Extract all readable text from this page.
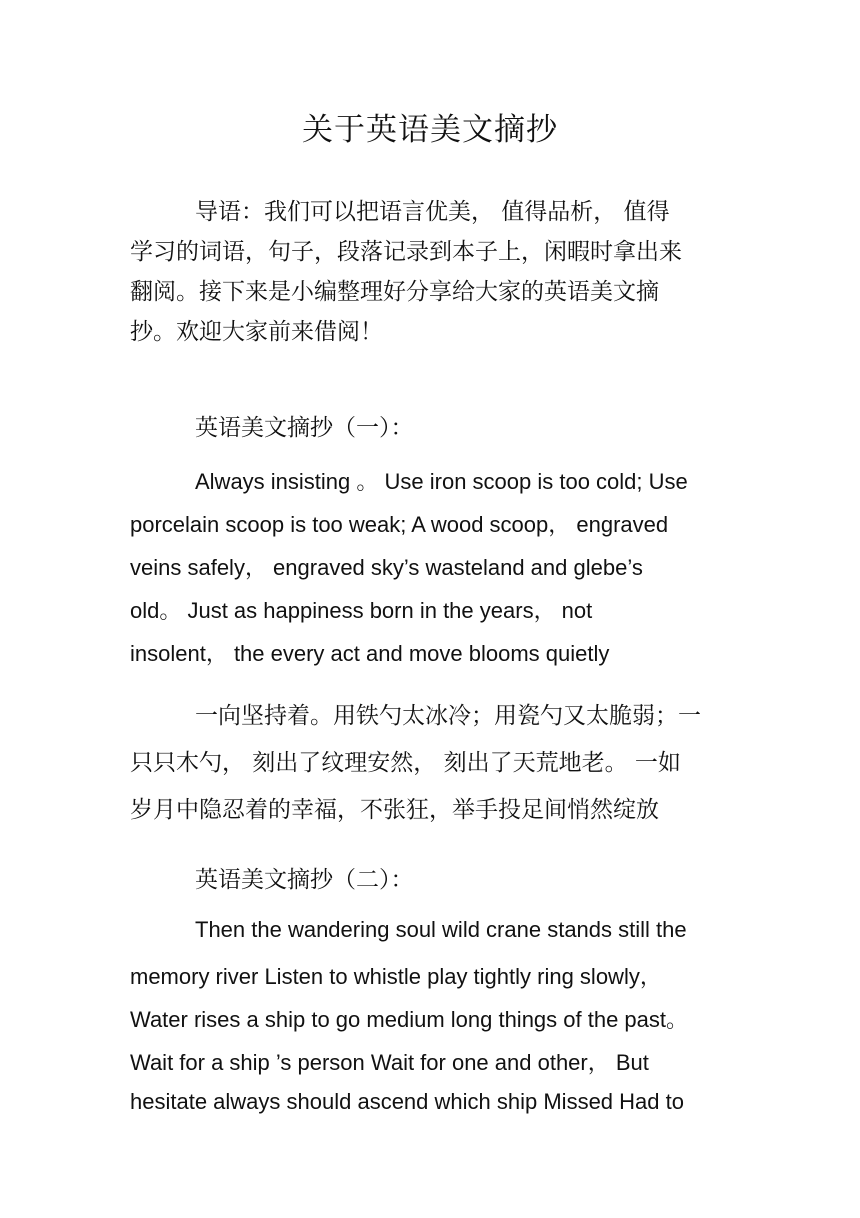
关于英语美文摘抄
导语：我们可以把语言优美， 值得品析， 值得
学习的词语，句子，段落记录到本子上，闲暇时拿出来
翻阅。接下来是小编整理好分享给大家的英语美文摘
抄。欢迎大家前来借阅！
英语美文摘抄（一）：
Always insisting 。 Use iron scoop is too cold; Use
porcelain scoop is too weak; A wood scoop， engraved
veins safely， engraved sky’s wasteland and glebe’s
old。 Just as happiness born in the years， not
insolent， the every act and move blooms quietly
一向坚持着。用铁勺太冰冷；用瓷勺又太脆弱；一
只只木勺， 刻出了纹理安然， 刻出了天荒地老。 一如
岁月中隐忍着的幸福，不张狂，举手投足间悄然绽放
英语美文摘抄（二）：
Then the wandering soul wild crane stands still the
memory river Listen to whistle play tightly ring slowly，
Water rises a ship to go medium long things of the past。
Wait for a ship ’s person Wait for one and other， But
hesitate always should ascend which ship Missed Had to
